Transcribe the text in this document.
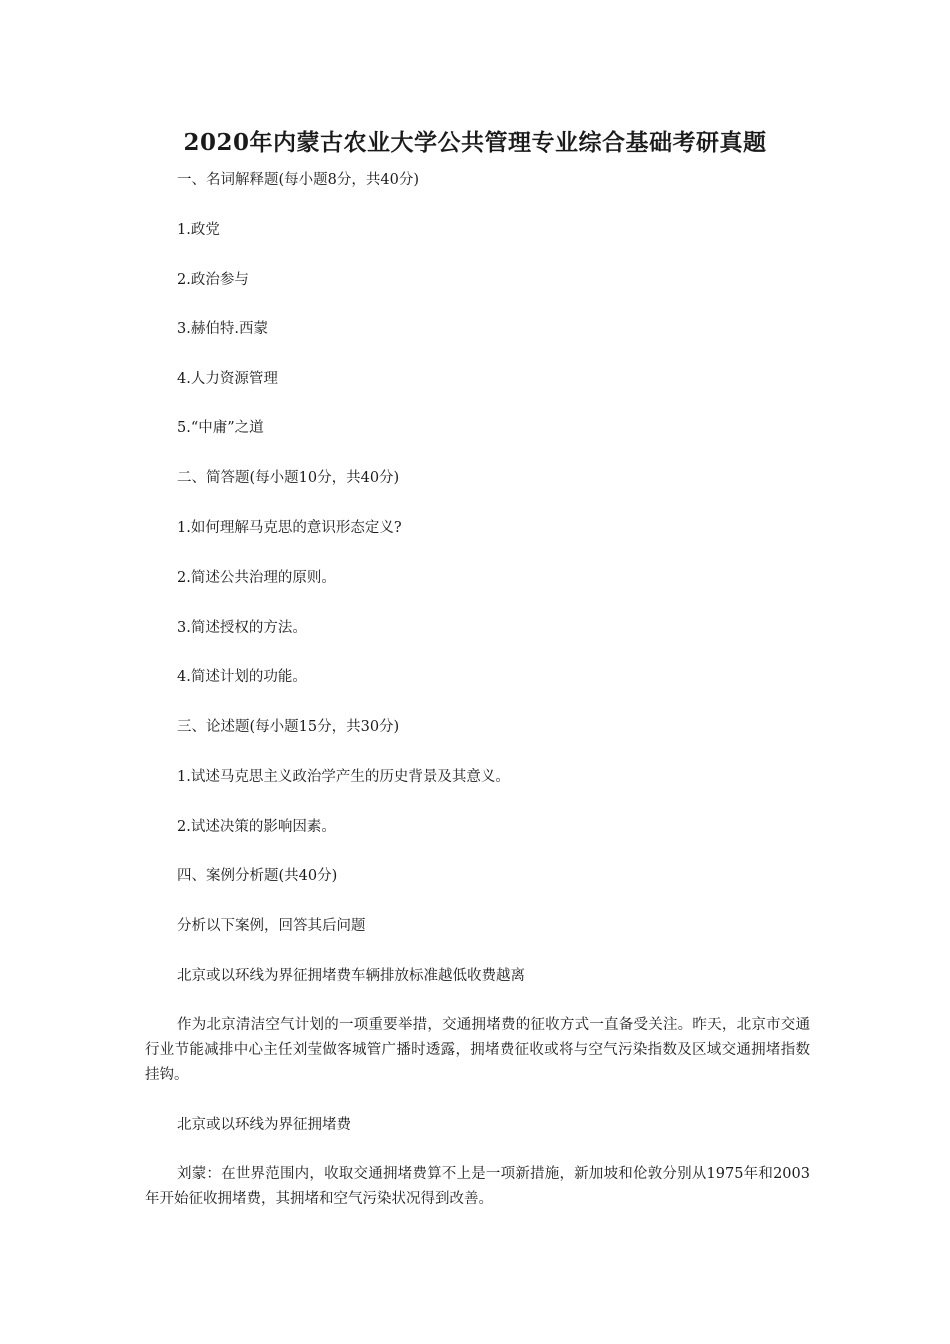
2020年内蒙古农业大学公共管理专业综合基础考研真题
一、名词解释题(每小题8分，共40分)
1.政党
2.政治参与
3.赫伯特.西蒙
4.人力资源管理
5.“中庸”之道
二、简答题(每小题10分，共40分)
1.如何理解马克思的意识形态定义?
2.简述公共治理的原则。
3.简述授权的方法。
4.简述计划的功能。
三、论述题(每小题15分，共30分)
1.试述马克思主义政治学产生的历史背景及其意义。
2.试述决策的影响因素。
四、案例分析题(共40分)
分析以下案例，回答其后问题
北京或以环线为界征拥堵费车辆排放标准越低收费越离
作为北京清洁空气计划的一项重要举措，交通拥堵费的征收方式一直备受关注。昨天，北京市交通行业节能减排中心主任刘莹做客城管广播时透露，拥堵费征收或将与空气污染指数及区域交通拥堵指数挂钩。
北京或以环线为界征拥堵费
刘蒙：在世界范围内，收取交通拥堵费算不上是一项新措施，新加坡和伦敦分别从1975年和2003年开始征收拥堵费，其拥堵和空气污染状况得到改善。
